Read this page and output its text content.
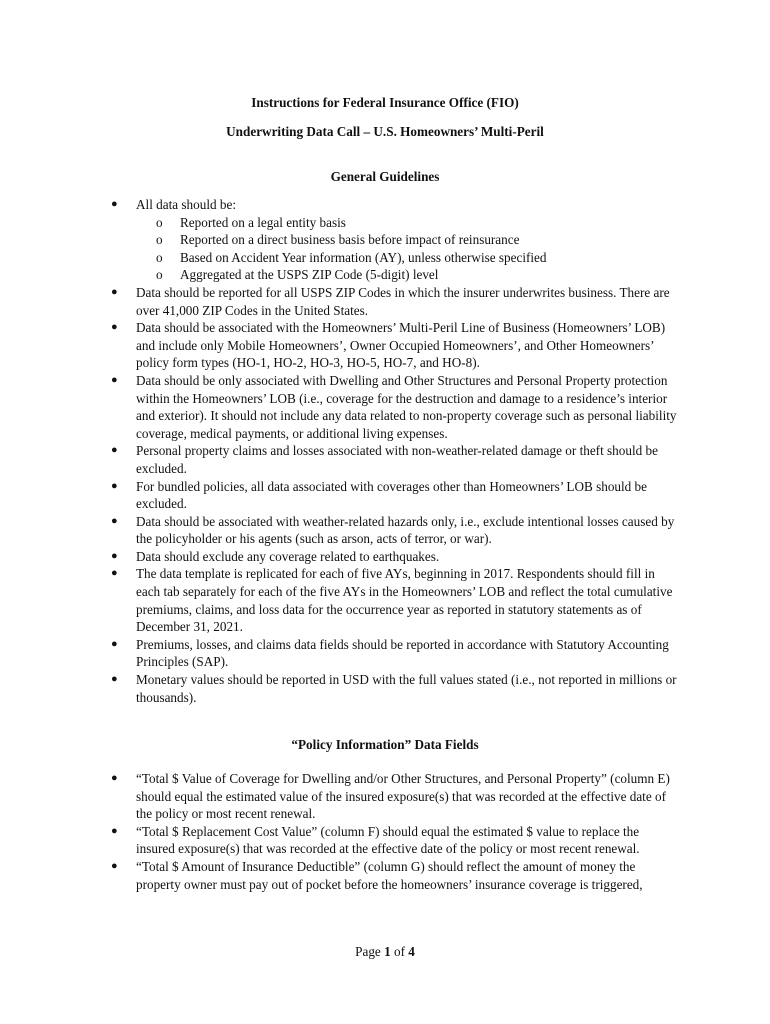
Instructions for Federal Insurance Office (FIO)
Underwriting Data Call – U.S. Homeowners’ Multi-Peril
General Guidelines
● All data should be:
o Reported on a legal entity basis
o Reported on a direct business basis before impact of reinsurance
o Based on Accident Year information (AY), unless otherwise specified
o Aggregated at the USPS ZIP Code (5-digit) level
● Data should be reported for all USPS ZIP Codes in which the insurer underwrites business. There are over 41,000 ZIP Codes in the United States.
● Data should be associated with the Homeowners’ Multi-Peril Line of Business (Homeowners’ LOB) and include only Mobile Homeowners’, Owner Occupied Homeowners’, and Other Homeowners’ policy form types (HO-1, HO-2, HO-3, HO-5, HO-7, and HO-8).
● Data should be only associated with Dwelling and Other Structures and Personal Property protection within the Homeowners’ LOB (i.e., coverage for the destruction and damage to a residence’s interior and exterior). It should not include any data related to non-property coverage such as personal liability coverage, medical payments, or additional living expenses.
● Personal property claims and losses associated with non-weather-related damage or theft should be excluded.
● For bundled policies, all data associated with coverages other than Homeowners’ LOB should be excluded.
● Data should be associated with weather-related hazards only, i.e., exclude intentional losses caused by the policyholder or his agents (such as arson, acts of terror, or war).
● Data should exclude any coverage related to earthquakes.
● The data template is replicated for each of five AYs, beginning in 2017. Respondents should fill in each tab separately for each of the five AYs in the Homeowners’ LOB and reflect the total cumulative premiums, claims, and loss data for the occurrence year as reported in statutory statements as of December 31, 2021.
● Premiums, losses, and claims data fields should be reported in accordance with Statutory Accounting Principles (SAP).
● Monetary values should be reported in USD with the full values stated (i.e., not reported in millions or thousands).
“Policy Information” Data Fields
● “Total $ Value of Coverage for Dwelling and/or Other Structures, and Personal Property” (column E) should equal the estimated value of the insured exposure(s) that was recorded at the effective date of the policy or most recent renewal.
● “Total $ Replacement Cost Value” (column F) should equal the estimated $ value to replace the insured exposure(s) that was recorded at the effective date of the policy or most recent renewal.
● “Total $ Amount of Insurance Deductible” (column G) should reflect the amount of money the property owner must pay out of pocket before the homeowners’ insurance coverage is triggered,
Page 1 of 4
